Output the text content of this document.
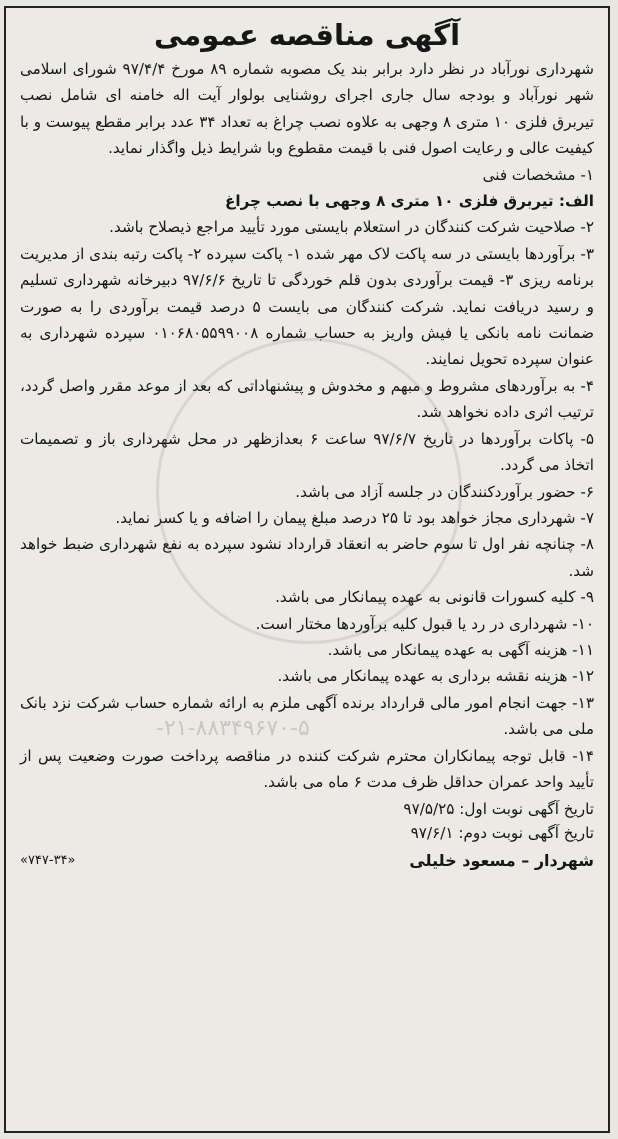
-۲۱-۸۸۳۴۹۶۷۰-۵
آگهی مناقصه عمومی

شهرداری نورآباد در نظر دارد برابر بند یک مصوبه شماره ۸۹ مورخ ۹۷/۴/۴ شورای اسلامی شهر نورآباد و بودجه سال جاری اجرای روشنایی بولوار آیت اله خامنه ای شامل نصب تیربرق فلزی ۱۰ متری ۸ وجهی به علاوه نصب چراغ به تعداد ۳۴ عدد برابر مقطع پیوست و با کیفیت عالی و رعایت اصول فنی با قیمت مقطوع وبا شرایط ذیل واگذار نماید.

۱- مشخصات فنی

الف: تیربرق فلزی ۱۰ متری ۸ وجهی با نصب چراغ

۲- صلاحیت شرکت کنندگان در استعلام بایستی مورد تأیید مراجع ذیصلاح باشد.

۳- برآوردها بایستی در سه پاکت لاک مهر شده ۱- پاکت سپرده ۲- پاکت رتبه بندی از مدیریت برنامه ریزی ۳- قیمت برآوردی بدون قلم خوردگی تا تاریخ ۹۷/۶/۶ دبیرخانه شهرداری تسلیم و رسید دریافت نماید. شرکت کنندگان می بایست ۵ درصد قیمت برآوردی را به صورت ضمانت نامه بانکی یا فیش واریز به حساب شماره ۰۱۰۶۸۰۵۵۹۹۰۰۸ سپرده شهرداری به عنوان سپرده تحویل نمایند.

۴- به برآوردهای مشروط و مبهم و مخدوش و پیشنهاداتی که بعد از موعد مقرر واصل گردد، ترتیب اثری داده نخواهد شد.

۵- پاکات برآوردها در تاریخ ۹۷/۶/۷ ساعت ۶ بعدازظهر در محل شهرداری باز و تصمیمات اتخاذ می گردد.

۶- حضور برآوردکنندگان در جلسه آزاد می باشد.

۷- شهرداری مجاز خواهد بود تا ۲۵ درصد مبلغ پیمان را اضافه و یا کسر نماید.

۸- چنانچه نفر اول تا سوم حاضر به انعقاد قرارداد نشود سپرده به نفع شهرداری ضبط خواهد شد.

۹- کلیه کسورات قانونی به عهده پیمانکار می باشد.

۱۰- شهرداری در رد یا قبول کلیه برآوردها مختار است.

۱۱- هزینه آگهی به عهده پیمانکار می باشد.

۱۲- هزینه نقشه برداری به عهده پیمانکار می باشد.

۱۳- جهت انجام امور مالی قرارداد برنده آگهی ملزم به ارائه شماره حساب شرکت نزد بانک ملی می باشد.

۱۴- قابل توجه پیمانکاران محترم شرکت کننده در مناقصه پرداخت صورت وضعیت پس از تأیید واحد عمران حداقل ظرف مدت ۶ ماه می باشد.

تاریخ آگهی نوبت اول: ۹۷/۵/۲۵
تاریخ آگهی نوبت دوم: ۹۷/۶/۱
شهردار – مسعود خلیلی
«۷۴۷-۳۴»
